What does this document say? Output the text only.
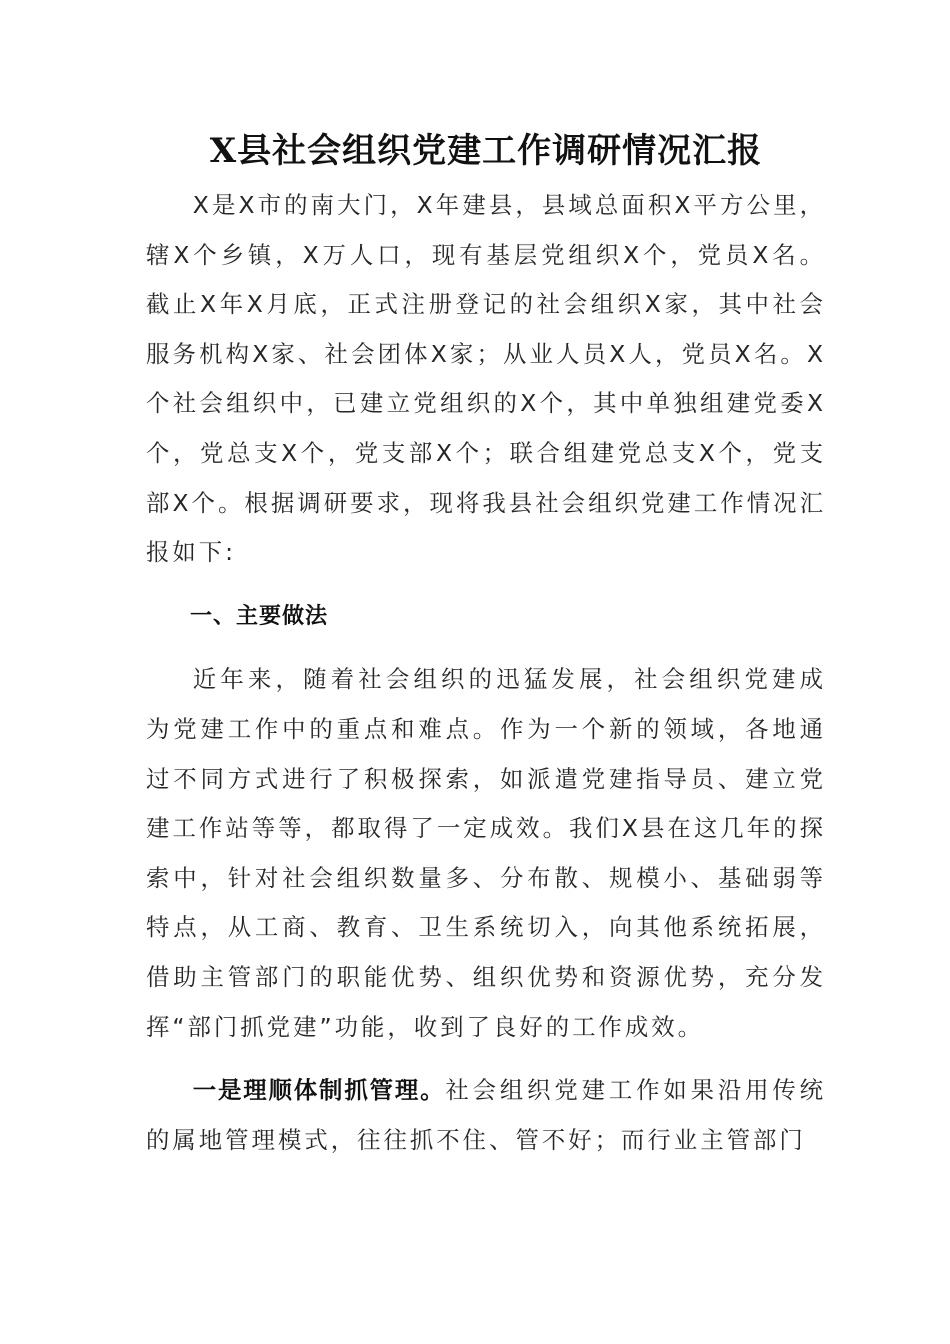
X县社会组织党建工作调研情况汇报

X是X市的南大门，X年建县，县域总面积X平方公里，辖X个乡镇，X万人口，现有基层党组织X个，党员X名。截止X年X月底，正式注册登记的社会组织X家，其中社会服务机构X家、社会团体X家；从业人员X人，党员X名。X个社会组织中，已建立党组织的X个，其中单独组建党委X个，党总支X个，党支部X个；联合组建党总支X个，党支部X个。根据调研要求，现将我县社会组织党建工作情况汇报如下:

一、主要做法

近年来，随着社会组织的迅猛发展，社会组织党建成为党建工作中的重点和难点。作为一个新的领域，各地通过不同方式进行了积极探索，如派遣党建指导员、建立党建工作站等等，都取得了一定成效。我们X县在这几年的探索中，针对社会组织数量多、分布散、规模小、基础弱等特点，从工商、教育、卫生系统切入，向其他系统拓展，借助主管部门的职能优势、组织优势和资源优势，充分发挥“部门抓党建”功能，收到了良好的工作成效。

一是理顺体制抓管理。社会组织党建工作如果沿用传统的属地管理模式，往往抓不住、管不好；而行业主管部门
